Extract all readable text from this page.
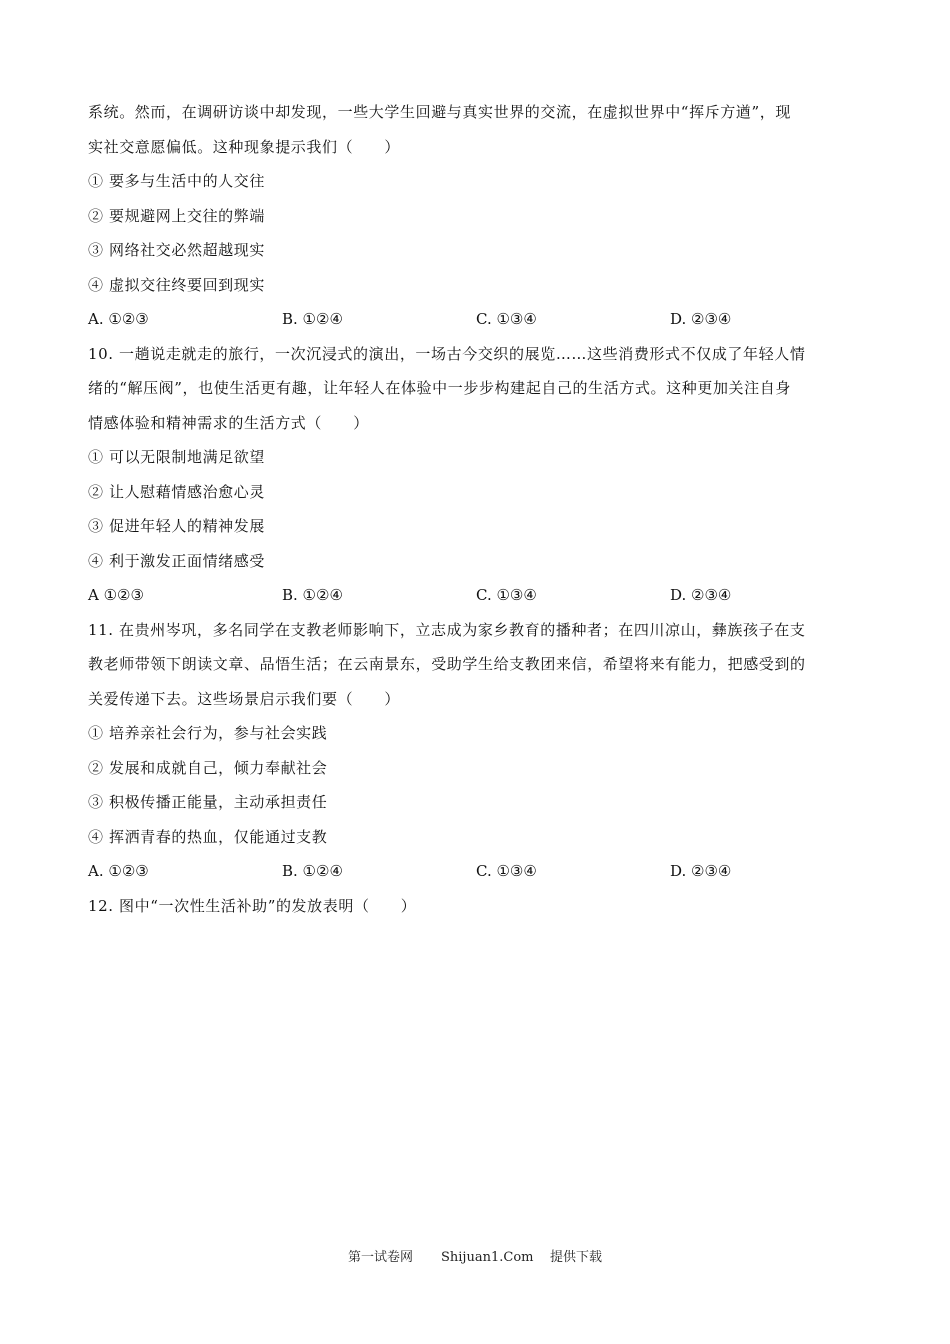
系统。然而，在调研访谈中却发现，一些大学生回避与真实世界的交流，在虚拟世界中“挥斥方遒”，现
实社交意愿偏低。这种现象提示我们（　　）
① 要多与生活中的人交往
② 要规避网上交往的弊端
③ 网络社交必然超越现实
④ 虚拟交往终要回到现实
A. ①②③	B. ①②④	C. ①③④	D. ②③④
10. 一趟说走就走的旅行，一次沉浸式的演出，一场古今交织的展览……这些消费形式不仅成了年轻人情
绪的“解压阀”，也使生活更有趣，让年轻人在体验中一步步构建起自己的生活方式。这种更加关注自身
情感体验和精神需求的生活方式（　　）
① 可以无限制地满足欲望
② 让人慰藉情感治愈心灵
③ 促进年轻人的精神发展
④ 利于激发正面情绪感受
A ①②③	B. ①②④	C. ①③④	D. ②③④
11. 在贵州岑巩，多名同学在支教老师影响下，立志成为家乡教育的播种者；在四川凉山，彝族孩子在支
教老师带领下朗读文章、品悟生活；在云南景东，受助学生给支教团来信，希望将来有能力，把感受到的
关爱传递下去。这些场景启示我们要（　　）
① 培养亲社会行为，参与社会实践
② 发展和成就自己，倾力奉献社会
③ 积极传播正能量，主动承担责任
④ 挥洒青春的热血，仅能通过支教
A. ①②③	B. ①②④	C. ①③④	D. ②③④
12. 图中“一次性生活补助”的发放表明（　　）
第一试卷网 Shijuan1.Com 提供下载
